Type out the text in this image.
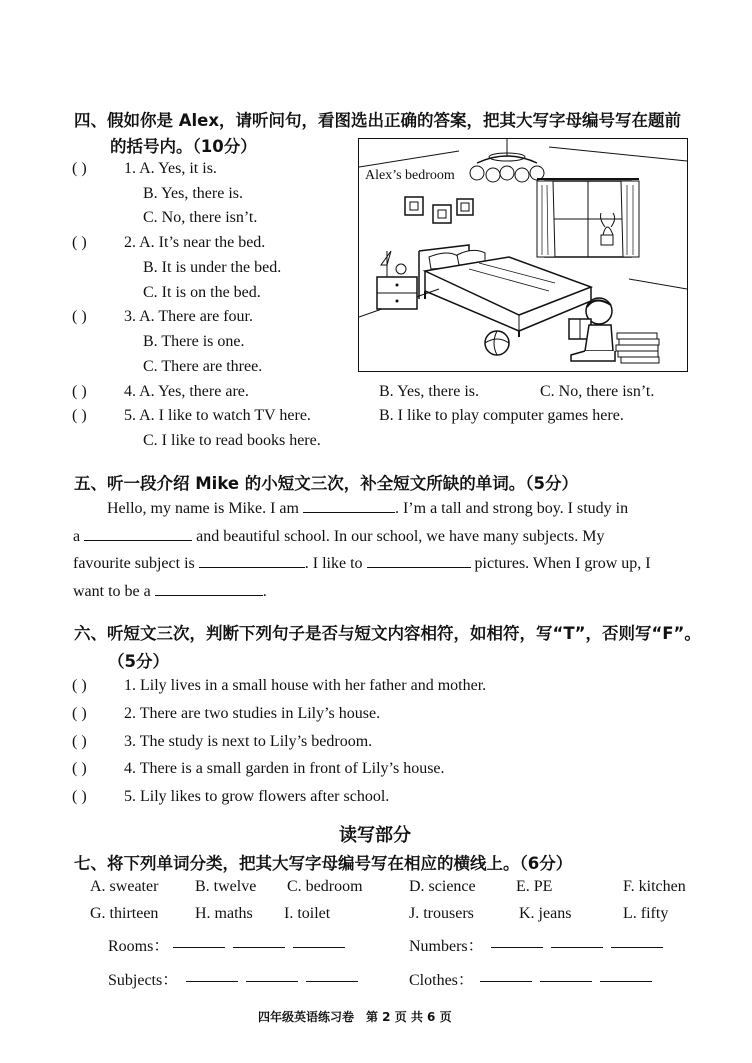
四、假如你是 Alex，请听问句，看图选出正确的答案，把其大写字母编号写在题前
的括号内。（10分）
( ) 1. A. Yes, it is.
B. Yes, there is.
C. No, there isn’t.
( ) 2. A. It’s near the bed.
B. It is under the bed.
C. It is on the bed.
( ) 3. A. There are four.
B. There is one.
C. There are three.
( ) 4. A. Yes, there are.	B. Yes, there is.	C. No, there isn’t.
( ) 5. A. I like to watch TV here.	B. I like to play computer games here.
C. I like to read books here.
Alex’s bedroom
五、听一段介绍 Mike 的小短文三次，补全短文所缺的单词。（5分）
Hello, my name is Mike. I am	. I’m a tall and strong boy. I study in
a	and beautiful school. In our school, we have many subjects. My
favourite subject is	. I like to	pictures. When I grow up, I
want to be a	.
六、听短文三次，判断下列句子是否与短文内容相符，如相符，写“T”，否则写“F”。
（5分）
( ) 1. Lily lives in a small house with her father and mother.
( ) 2. There are two studies in Lily’s house.
( ) 3. The study is next to Lily’s bedroom.
( ) 4. There is a small garden in front of Lily’s house.
( ) 5. Lily likes to grow flowers after school.
读写部分
七、将下列单词分类，把其大写字母编号写在相应的横线上。（6分）
A. sweater B. twelve C. bedroom	D. science	E. PE	F. kitchen
G. thirteen H. maths I. toilet	J. trousers	K. jeans	L. fifty
Rooms：
	Numbers：

Subjects：
	Clothes：

四年级英语练习卷　第 2 页 共 6 页
